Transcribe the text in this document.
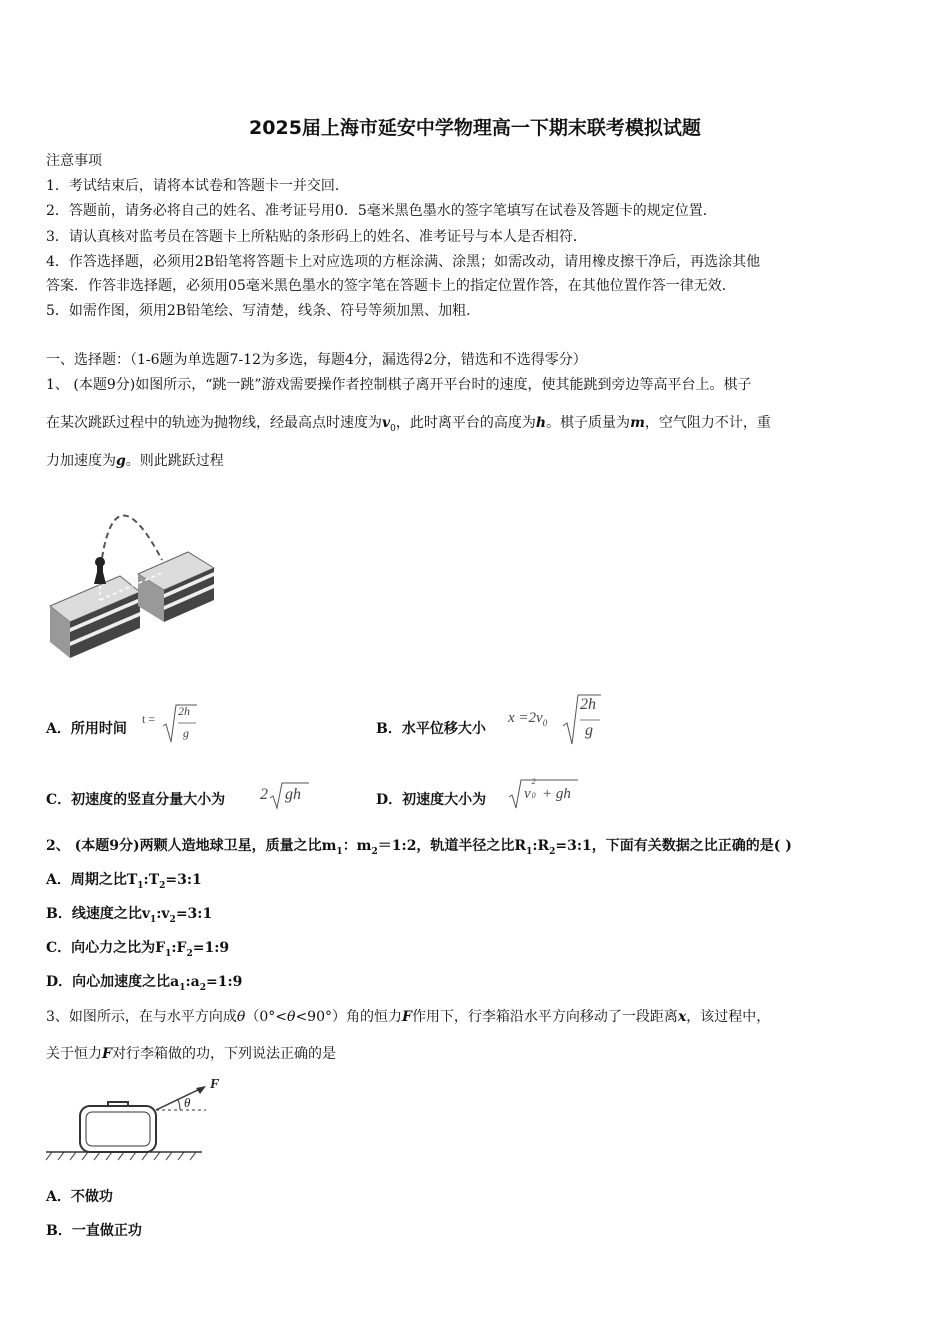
2025届上海市延安中学物理高一下期末联考模拟试题
注意事项
1．考试结束后，请将本试卷和答题卡一并交回．
2．答题前，请务必将自己的姓名、准考证号用0．5毫米黑色墨水的签字笔填写在试卷及答题卡的规定位置．
3．请认真核对监考员在答题卡上所粘贴的条形码上的姓名、准考证号与本人是否相符．
4．作答选择题，必须用2B铅笔将答题卡上对应选项的方框涂满、涂黑；如需改动，请用橡皮擦干净后，再选涂其他
答案．作答非选择题，必须用05毫米黑色墨水的签字笔在答题卡上的指定位置作答，在其他位置作答一律无效．
5．如需作图，须用2B铅笔绘、写清楚，线条、符号等须加黑、加粗．
一、选择题：（1-6题为单选题7-12为多选，每题4分，漏选得2分，错选和不选得零分）
1、 (本题9分)如图所示，“跳一跳”游戏需要操作者控制棋子离开平台时的速度，使其能跳到旁边等高平台上。棋子
在某次跳跃过程中的轨迹为抛物线，经最高点时速度为$v_0$，此时离平台的高度为h。棋子质量为m，空气阻力不计，重
力加速度为g。则此跳跃过程
A．所用时间
t =
2h
g	B．水平位移大小
$x =2v_0$
2h
g
C．初速度的竖直分量大小为 2 gh	D．初速度大小为	v
2
0 + gh
2、 (本题9分)两颗人造地球卫星，质量之比$m_1$：$m_2=1:2$，轨道半径之比$R_1:R_2=3:1$，下面有关数据之比正确的是( )
A．周期之比$T_1:T_2=3:1$
B．线速度之比$v_1:v_2=3:1$
C．向心力之比为$F_1:F_2=1:9$
D．向心加速度之比$a_1:a_2=1:9$
3、如图所示，在与水平方向成θ（0°<θ<90°）角的恒力F作用下，行李箱沿水平方向移动了一段距离x，该过程中，
关于恒力F对行李箱做的功，下列说法正确的是
F
θ
A．不做功
B．一直做正功
